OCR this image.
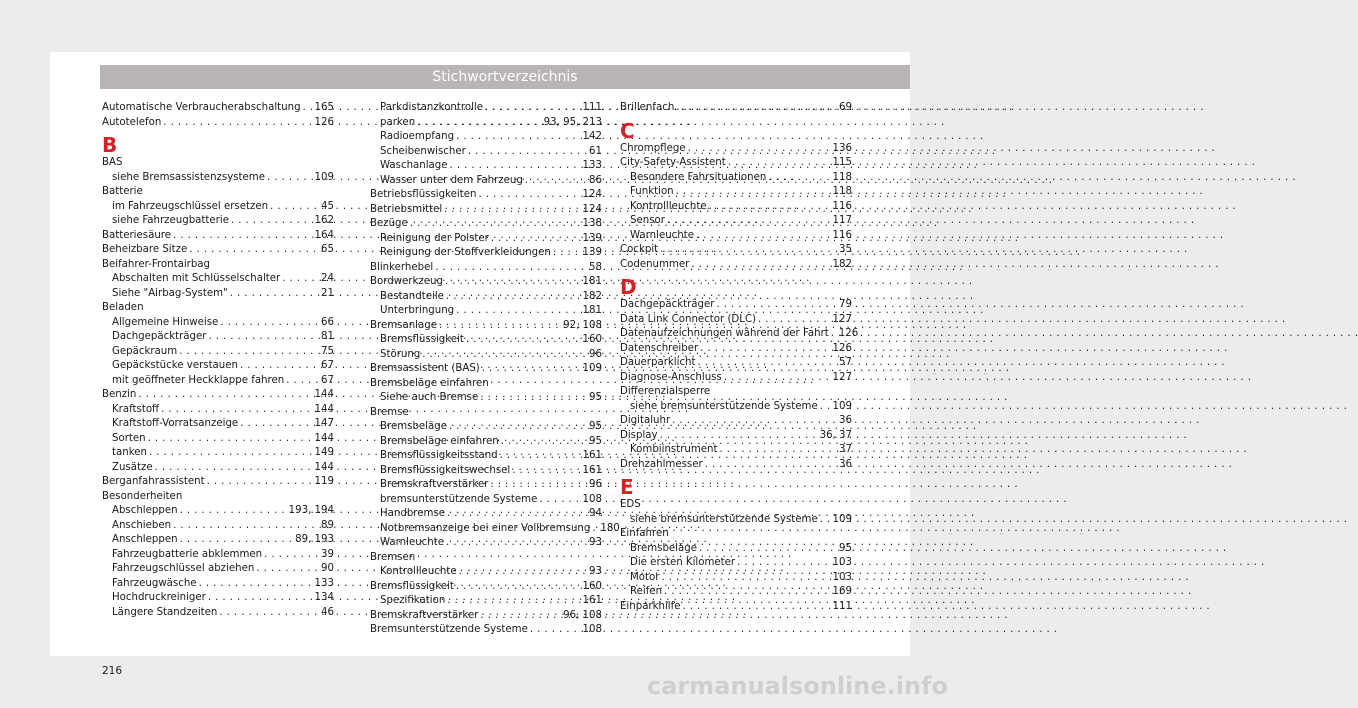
Stichwortverzeichnis
Automatische Verbraucherabschaltung . . . 165
Autotelefon . . .	126
B
BAS
siehe Bremsassistenzsysteme . . .	109
Batterie
im Fahrzeugschlüssel ersetzen . . .	45
siehe Fahrzeugbatterie . . .	162
Batteriesäure . . .	164
Beheizbare Sitze . . .	65
Beifahrer-Frontairbag
Abschalten mit Schlüsselschalter . . .	24
Siehe "Airbag-System" . . .	21
Beladen
Allgemeine Hinweise . . .	66
Dachgepäckträger . . .	81
Gepäckraum . . .	75
Gepäckstücke verstauen . . .	67
mit geöffneter Heckklappe fahren . . .	67
Benzin . . .	144
Kraftstoff . . .	144
Kraftstoff-Vorratsanzeige . . .	147
Sorten . . .	144
tanken . . .	149
Zusätze . . .	144
Berganfahrassistent . . .	119
Besonderheiten
Abschleppen . . .	193, 194
Anschieben . . .	89
Anschleppen . . .	89, 193
Fahrzeugbatterie abklemmen . . .	39
Fahrzeugschlüssel abziehen . . .	90
Fahrzeugwäsche . . .	133
Hochdruckreiniger . . .	134
Längere Standzeiten . . .	46
Parkdistanzkontrolle . . .	111
parken . . .	93, 95, 213
Radioempfang . . .	142
Scheibenwischer . . .	61
Waschanlage . . .	133
Wasser unter dem Fahrzeug . . .	86
Betriebsflüssigkeiten . . .	124
Betriebsmittel . . .	124
Bezüge . . .	138
Reinigung der Polster . . .	139
Reinigung der Stoffverkleidungen . . .	139
Blinkerhebel . . .	58
Bordwerkzeug . . .	181
Bestandteile . . .	182
Unterbringung . . .	181
Bremsanlage . . .	92, 108
Bremsflüssigkeit . . .	160
Störung . . .	96
Bremsassistent (BAS) . . .	109
Bremsbeläge einfahren
Siehe auch Bremse . . .	95
Bremse
Bremsbeläge . . .	95
Bremsbeläge einfahren . . .	95
Bremsflüssigkeitsstand . . .	161
Bremsflüssigkeitswechsel . . .	161
Bremskraftverstärker . . .	96
bremsunterstützende Systeme . . .	108
Handbremse . . .	94
Notbremsanzeige bei einer Vollbremsung . . . 180
Warnleuchte . . .	93
Bremsen
Kontrollleuchte . . .	93
Bremsflüssigkeit . . .	160
Spezifikation . . .	161
Bremskraftverstärker . . .	96, 108
Bremsunterstützende Systeme . . .	108
Brillenfach . . .	69
C
Chrompflege . . .	136
City-Safety-Assistent . . .	115
Besondere Fahrsituationen . . .	118
Funktion . . .	118
Kontrollleuchte . . .	116
Sensor . . .	117
Warnleuchte . . .	116
Cockpit . . .	35
Codenummer . . .	182
D
Dachgepäckträger . . .	79
Data Link Connector (DLC) . . .	127
Datenaufzeichnungen während der Fahrt . . . 126
Datenschreiber . . .	126
Dauerparklicht . . .	57
Diagnose-Anschluss . . .	127
Differenzialsperre
siehe bremsunterstützende Systeme . . . 109
Digitaluhr . . .	36
Display . . .	36, 37
Kombiinstrument . . .	37
Drehzahlmesser . . .	36
E
EDS
siehe bremsunterstützende Systeme . . . 109
Einfahren
Bremsbeläge . . .	95
Die ersten Kilometer . . .	103
Motor . . .	103
Reifen . . .	169
Einparkhilfe . . .	111
216
carmanualsonline.info
